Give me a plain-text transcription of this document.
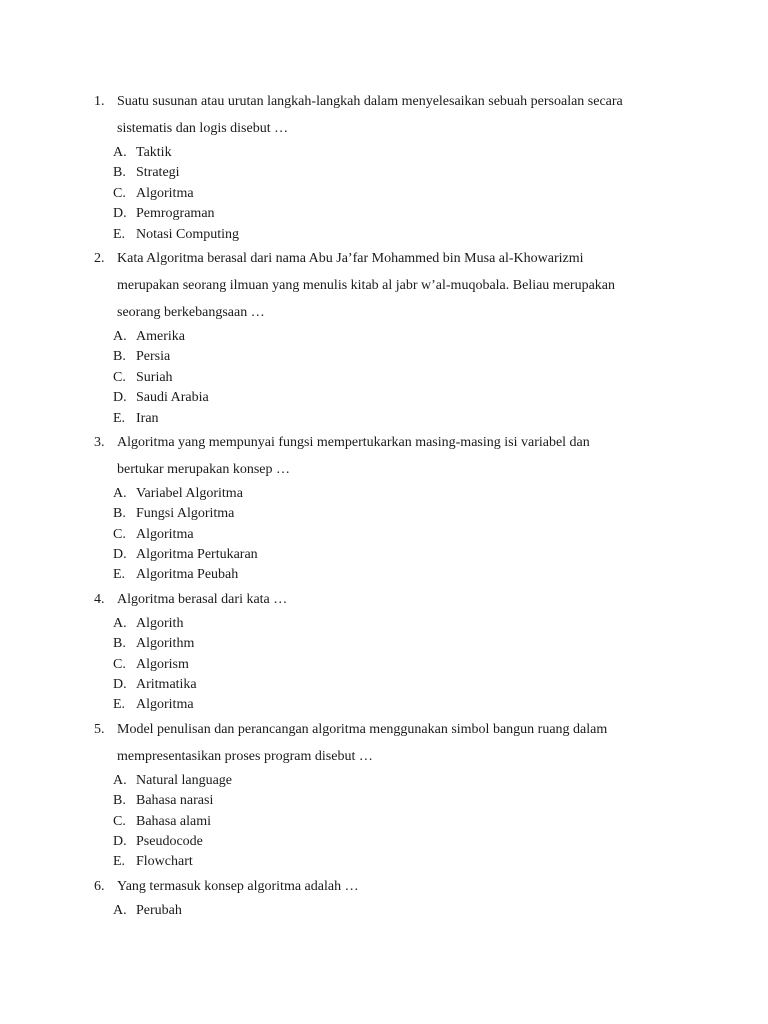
1. Suatu susunan atau urutan langkah-langkah dalam menyelesaikan sebuah persoalan secara
sistematis dan logis disebut …
A. Taktik
B. Strategi
C. Algoritma
D. Pemrograman
E. Notasi Computing
2. Kata Algoritma berasal dari nama Abu Ja’far Mohammed bin Musa al-Khowarizmi
merupakan seorang ilmuan yang menulis kitab al jabr w’al-muqobala. Beliau merupakan
seorang berkebangsaan …
A. Amerika
B. Persia
C. Suriah
D. Saudi Arabia
E. Iran
3. Algoritma yang mempunyai fungsi mempertukarkan masing-masing isi variabel dan
bertukar merupakan konsep …
A. Variabel Algoritma
B. Fungsi Algoritma
C. Algoritma
D. Algoritma Pertukaran
E. Algoritma Peubah
4. Algoritma berasal dari kata …
A. Algorith
B. Algorithm
C. Algorism
D. Aritmatika
E. Algoritma
5. Model penulisan dan perancangan algoritma menggunakan simbol bangun ruang dalam
mempresentasikan proses program disebut …
A. Natural language
B. Bahasa narasi
C. Bahasa alami
D. Pseudocode
E. Flowchart
6. Yang termasuk konsep algoritma adalah …
A. Perubah
